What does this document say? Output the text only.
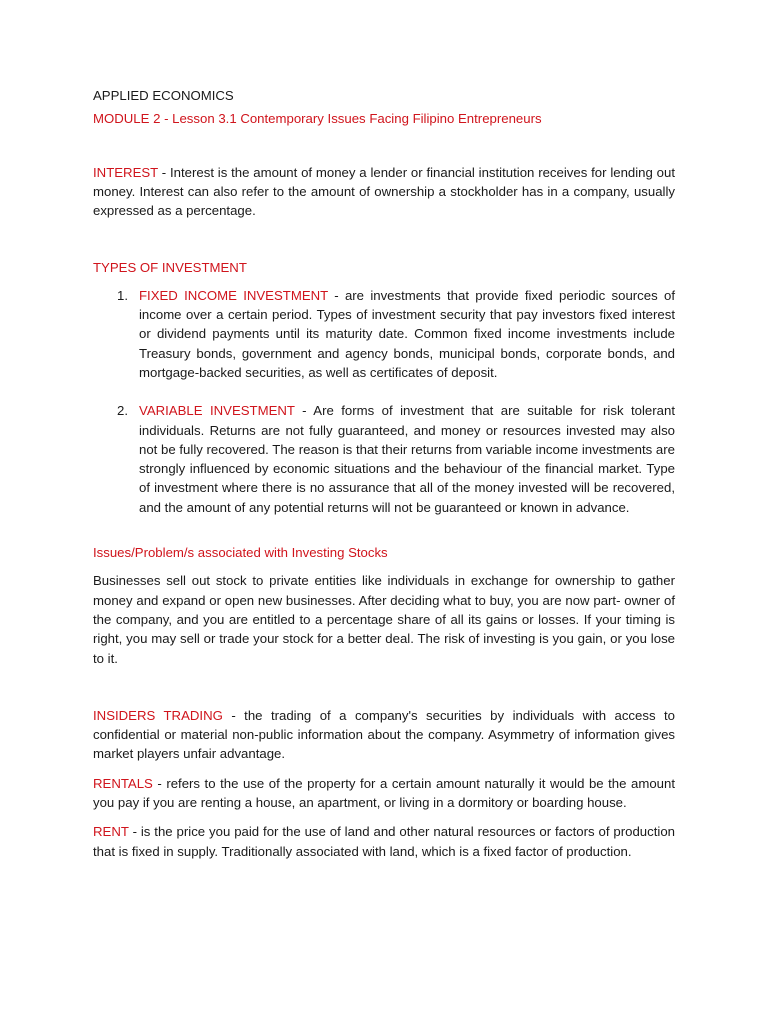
APPLIED ECONOMICS

MODULE 2 - Lesson 3.1 Contemporary Issues Facing Filipino Entrepreneurs

INTEREST - Interest is the amount of money a lender or financial institution receives for lending out money. Interest can also refer to the amount of ownership a stockholder has in a company, usually expressed as a percentage.

TYPES OF INVESTMENT

1. FIXED INCOME INVESTMENT - are investments that provide fixed periodic sources of income over a certain period. Types of investment security that pay investors fixed interest or dividend payments until its maturity date. Common fixed income investments include Treasury bonds, government and agency bonds, municipal bonds, corporate bonds, and mortgage-backed securities, as well as certificates of deposit.
2. VARIABLE INVESTMENT - Are forms of investment that are suitable for risk tolerant individuals. Returns are not fully guaranteed, and money or resources invested may also not be fully recovered. The reason is that their returns from variable income investments are strongly influenced by economic situations and the behaviour of the financial market. Type of investment where there is no assurance that all of the money invested will be recovered, and the amount of any potential returns will not be guaranteed or known in advance.

Issues/Problem/s associated with Investing Stocks

Businesses sell out stock to private entities like individuals in exchange for ownership to gather money and expand or open new businesses. After deciding what to buy, you are now part- owner of the company, and you are entitled to a percentage share of all its gains or losses. If your timing is right, you may sell or trade your stock for a better deal. The risk of investing is you gain, or you lose to it.

INSIDERS TRADING - the trading of a company's securities by individuals with access to confidential or material non-public information about the company. Asymmetry of information gives market players unfair advantage.

RENTALS - refers to the use of the property for a certain amount naturally it would be the amount you pay if you are renting a house, an apartment, or living in a dormitory or boarding house.

RENT - is the price you paid for the use of land and other natural resources or factors of production that is fixed in supply. Traditionally associated with land, which is a fixed factor of production.
